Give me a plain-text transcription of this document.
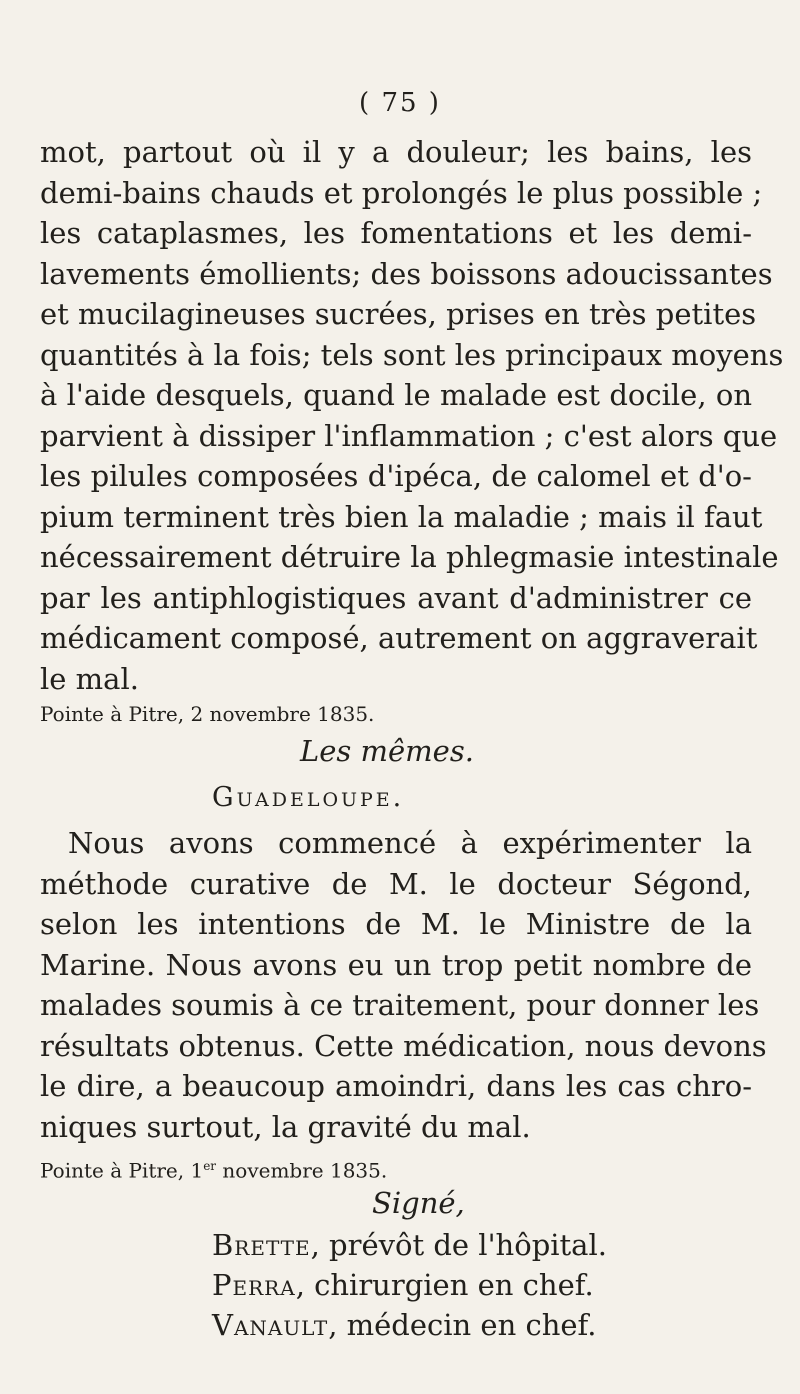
( 75 )
mot, partout où il y a douleur; les bains, les
demi-bains chauds et prolongés le plus possible ;
les cataplasmes, les fomentations et les demi-
lavements émollients; des boissons adoucissantes
et mucilagineuses sucrées, prises en très petites
quantités à la fois; tels sont les principaux moyens
à l'aide desquels, quand le malade est docile, on
parvient à dissiper l'inflammation ; c'est alors que
les pilules composées d'ipéca, de calomel et d'o-
pium terminent très bien la maladie ; mais il faut
nécessairement détruire la phlegmasie intestinale
par les antiphlogistiques avant d'administrer ce
médicament composé, autrement on aggraverait
le mal.
Pointe à Pitre, 2 novembre 1835.
Les mêmes.
Guadeloupe.
Nous avons commencé à expérimenter la
méthode curative de M. le docteur Ségond,
selon les intentions de M. le Ministre de la
Marine. Nous avons eu un trop petit nombre de
malades soumis à ce traitement, pour donner les
résultats obtenus. Cette médication, nous devons
le dire, a beaucoup amoindri, dans les cas chro-
niques surtout, la gravité du mal.
Pointe à Pitre, 1er novembre 1835.
Signé,
Brette, prévôt de l'hôpital.
Perra, chirurgien en chef.
Vanault, médecin en chef.
